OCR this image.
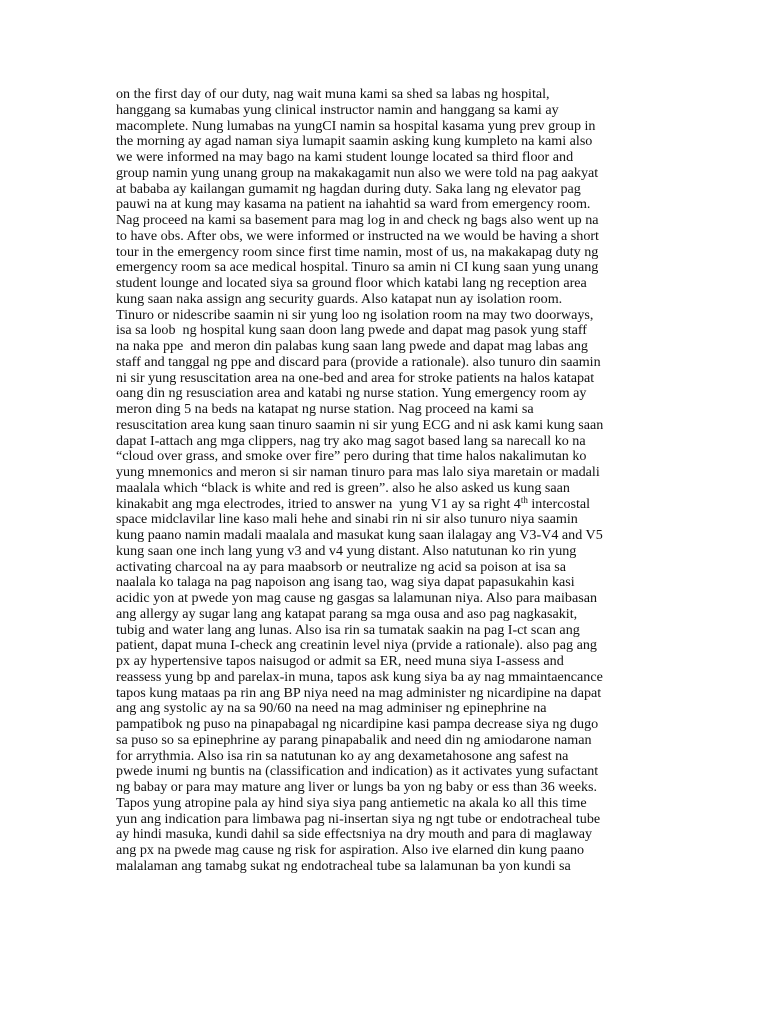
on the first day of our duty, nag wait muna kami sa shed sa labas ng hospital,
hanggang sa kumabas yung clinical instructor namin and hanggang sa kami ay
macomplete. Nung lumabas na yungCI namin sa hospital kasama yung prev group in
the morning ay agad naman siya lumapit saamin asking kung kumpleto na kami also
we were informed na may bago na kami student lounge located sa third floor and
group namin yung unang group na makakagamit nun also we were told na pag aakyat
at bababa ay kailangan gumamit ng hagdan during duty. Saka lang ng elevator pag
pauwi na at kung may kasama na patient na iahahtid sa ward from emergency room.
Nag proceed na kami sa basement para mag log in and check ng bags also went up na
to have obs. After obs, we were informed or instructed na we would be having a short
tour in the emergency room since first time namin, most of us, na makakapag duty ng
emergency room sa ace medical hospital. Tinuro sa amin ni CI kung saan yung unang
student lounge and located siya sa ground floor which katabi lang ng reception area
kung saan naka assign ang security guards. Also katapat nun ay isolation room.
Tinuro or nidescribe saamin ni sir yung loo ng isolation room na may two doorways,
isa sa loob  ng hospital kung saan doon lang pwede and dapat mag pasok yung staff
na naka ppe  and meron din palabas kung saan lang pwede and dapat mag labas ang
staff and tanggal ng ppe and discard para (provide a rationale). also tunuro din saamin
ni sir yung resuscitation area na one-bed and area for stroke patients na halos katapat
oang din ng resusciation area and katabi ng nurse station. Yung emergency room ay
meron ding 5 na beds na katapat ng nurse station. Nag proceed na kami sa
resuscitation area kung saan tinuro saamin ni sir yung ECG and ni ask kami kung saan
dapat I-attach ang mga clippers, nag try ako mag sagot based lang sa narecall ko na
“cloud over grass, and smoke over fire” pero during that time halos nakalimutan ko
yung mnemonics and meron si sir naman tinuro para mas lalo siya maretain or madali
maalala which “black is white and red is green”. also he also asked us kung saan
kinakabit ang mga electrodes, itried to answer na  yung V1 ay sa right 4th intercostal
space midclavilar line kaso mali hehe and sinabi rin ni sir also tunuro niya saamin
kung paano namin madali maalala and masukat kung saan ilalagay ang V3-V4 and V5
kung saan one inch lang yung v3 and v4 yung distant. Also natutunan ko rin yung
activating charcoal na ay para maabsorb or neutralize ng acid sa poison at isa sa
naalala ko talaga na pag napoison ang isang tao, wag siya dapat papasukahin kasi
acidic yon at pwede yon mag cause ng gasgas sa lalamunan niya. Also para maibasan
ang allergy ay sugar lang ang katapat parang sa mga ousa and aso pag nagkasakit,
tubig and water lang ang lunas. Also isa rin sa tumatak saakin na pag I-ct scan ang
patient, dapat muna I-check ang creatinin level niya (prvide a rationale). also pag ang
px ay hypertensive tapos naisugod or admit sa ER, need muna siya I-assess and
reassess yung bp and parelax-in muna, tapos ask kung siya ba ay nag mmaintaencance
tapos kung mataas pa rin ang BP niya need na mag administer ng nicardipine na dapat
ang ang systolic ay na sa 90/60 na need na mag adminiser ng epinephrine na
pampatibok ng puso na pinapabagal ng nicardipine kasi pampa decrease siya ng dugo
sa puso so sa epinephrine ay parang pinapabalik and need din ng amiodarone naman
for arrythmia. Also isa rin sa natutunan ko ay ang dexametahosone ang safest na
pwede inumi ng buntis na (classification and indication) as it activates yung sufactant
ng babay or para may mature ang liver or lungs ba yon ng baby or ess than 36 weeks.
Tapos yung atropine pala ay hind siya siya pang antiemetic na akala ko all this time
yun ang indication para limbawa pag ni-insertan siya ng ngt tube or endotracheal tube
ay hindi masuka, kundi dahil sa side effectsniya na dry mouth and para di maglaway
ang px na pwede mag cause ng risk for aspiration. Also ive elarned din kung paano
malalaman ang tamabg sukat ng endotracheal tube sa lalamunan ba yon kundi sa
